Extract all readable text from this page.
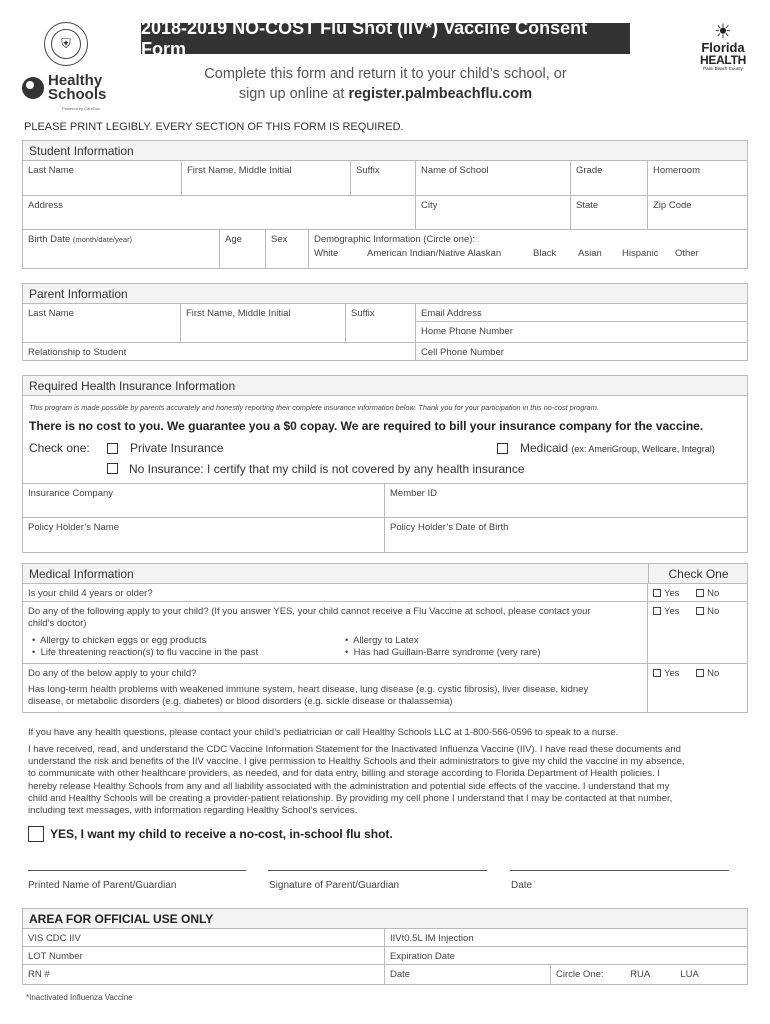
⛨
Healthy
Schools
Powered by CareDox
☀
Florida
HEALTH
Palm Beach County
2018-2019 NO-COST Flu Shot (IIV*) Vaccine Consent Form
Complete this form and return it to your child’s school, or
sign up online at register.palmbeachflu.com
PLEASE PRINT LEGIBLY. EVERY SECTION OF THIS FORM IS REQUIRED.
Student Information
Last Name	First Name, Middle Initial	Suffix	Name of School	Grade	Homeroom
Address	City	State	Zip Code
Birth Date (month/date/year)	Age	Sex	Demographic Information (Circle one):
White	American Indian/Native Alaskan	Black Asian Hispanic Other
Parent Information
Last Name	First Name, Middle Initial	Suffix	Email Address
Home Phone Number
Relationship to Student	Cell Phone Number
Required Health Insurance Information
This program is made possible by parents accurately and honestly reporting their complete insurance information below. Thank you for your participation in this no-cost program.
There is no cost to you. We guarantee you a $0 copay. We are required to bill your insurance company for the vaccine.
Check one:	Private Insurance	Medicaid (ex: AmeriGroup, Wellcare, Integral)
No Insurance: I certify that my child is not covered by any health insurance
Insurance Company	Member ID
Policy Holder’s Name	Policy Holder’s Date of Birth
Medical Information	Check One
Is your child 4 years or older?	Yes	No
Do any of the following apply to your child? (If you answer YES, your child cannot receive a Flu Vaccine at school, please contact your
child’s doctor)
•  Allergy to chicken eggs or egg products
•  Life threatening reaction(s) to flu vaccine in the past
•  Allergy to Latex
•  Has had Guillain-Barre syndrome (very rare)
Yes	No
Do any of the below apply to your child?
Has long-term health problems with weakened immune system, heart disease, lung disease (e.g. cystic fibrosis), liver disease, kidney
disease, or metabolic disorders (e.g. diabetes) or blood disorders (e.g. sickle disease or thalassemia)
Yes	No
If you have any health questions, please contact your child’s pediatrician or call Healthy Schools LLC at 1-800-566-0596 to speak to a nurse.
I have received, read, and understand the CDC Vaccine Information Statement for the Inactivated Influenza Vaccine (IIV). I have read these documents and
understand the risk and benefits of the IIV vaccine. I give permission to Healthy Schools and their administrators to give my child the vaccine in my absence,
to communicate with other healthcare providers, as needed, and for data entry, billing and storage according to Florida Department of Health policies. I
hereby release Healthy Schools from any and all liability associated with the administration and potential side effects of the vaccine. I understand that my
child and Healthy Schools will be creating a provider-patient relationship. By providing my cell phone I understand that I may be contacted at that number,
including text messages, with information regarding Healthy School’s services.
YES, I want my child to receive a no-cost, in-school flu shot.
Printed Name of Parent/Guardian	Signature of Parent/Guardian	Date
AREA FOR OFFICIAL USE ONLY
VIS CDC IIV	IIVt0.5L IM Injection
LOT Number	Expiration Date
RN #	Date	Circle One:	RUA	LUA
*Inactivated Influenza Vaccine
